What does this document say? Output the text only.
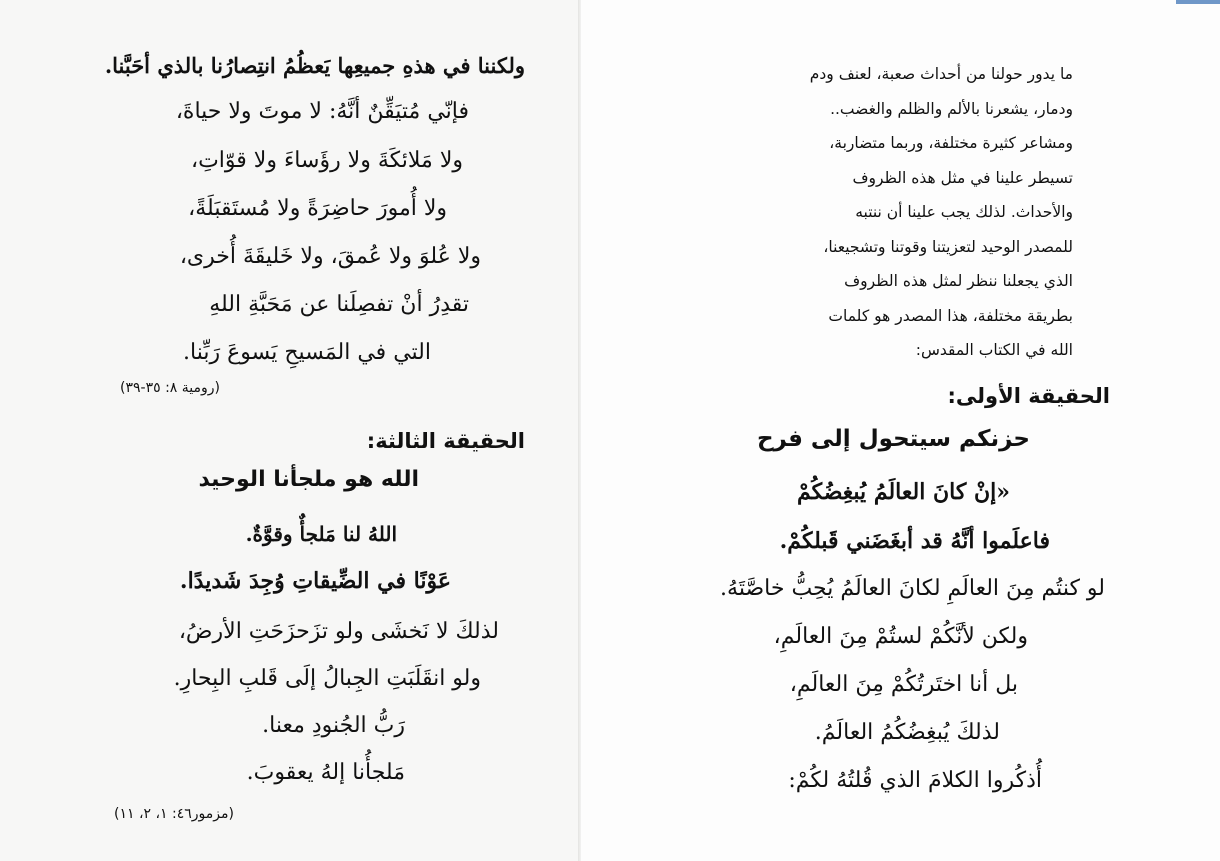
ولكننا في هذهِ جميعِها يَعظُمُ انتِصارُنا بالذي أحَبَّنا.
فإنّي مُتيَقِّنٌ أنَّهُ: لا موتَ ولا حياةَ،
ولا مَلائكَةَ ولا رؤَساءَ ولا قوّاتِ،
ولا أُمورَ حاضِرَةً ولا مُستَقبَلَةً،
ولا عُلوَ ولا عُمقَ، ولا خَليقَةَ أُخرى،
تقدِرُ أنْ تفصِلَنا عن مَحَبَّةِ اللهِ
التي في المَسيحِ يَسوعَ رَبِّنا.
(رومية ٨: ٣٥-٣٩)
الحقيقة الثالثة:
الله هو ملجأنا الوحيد
اللهُ لنا مَلجأٌ وقوَّةٌ.
عَوْنًا في الضِّيقاتِ وُجِدَ شَديدًا.
لذلكَ لا نَخشَى ولو تزَحزَحَتِ الأرضُ،
ولو انقَلَبَتِ الجِبالُ إلَى قَلبِ البِحارِ.
رَبُّ الجُنودِ معنا.
مَلجأُنا إلهُ يعقوبَ.
(مزمور٤٦: ١، ٢، ١١)
ما يدور حولنا من أحداث صعبة، لعنف ودم
ودمار، يشعرنا بالألم والظلم والغضب..
ومشاعر كثيرة مختلفة، وربما متضاربة،
تسيطر علينا في مثل هذه الظروف
والأحداث. لذلك يجب علينا أن ننتبه
للمصدر الوحيد لتعزيتنا وقوتنا وتشجيعنا،
الذي يجعلنا ننظر لمثل هذه الظروف
بطريقة مختلفة، هذا المصدر هو كلمات
الله في الكتاب المقدس:
الحقيقة الأولى:
حزنكم سيتحول إلى فرح
«إنْ كانَ العالَمُ يُبغِضُكُمْ
فاعلَموا أنَّهُ قد أبغَضَني قَبلكُمْ.
لو كنتُم مِنَ العالَمِ لكانَ العالَمُ يُحِبُّ خاصَّتَهُ.
ولكن لأنَّكُمْ لستُمْ مِنَ العالَمِ،
بل أنا اختَرتُكُمْ مِنَ العالَمِ،
لذلكَ يُبغِضُكُمُ العالَمُ.
أُذكُروا الكلامَ الذي قُلتُهُ لكُمْ:
